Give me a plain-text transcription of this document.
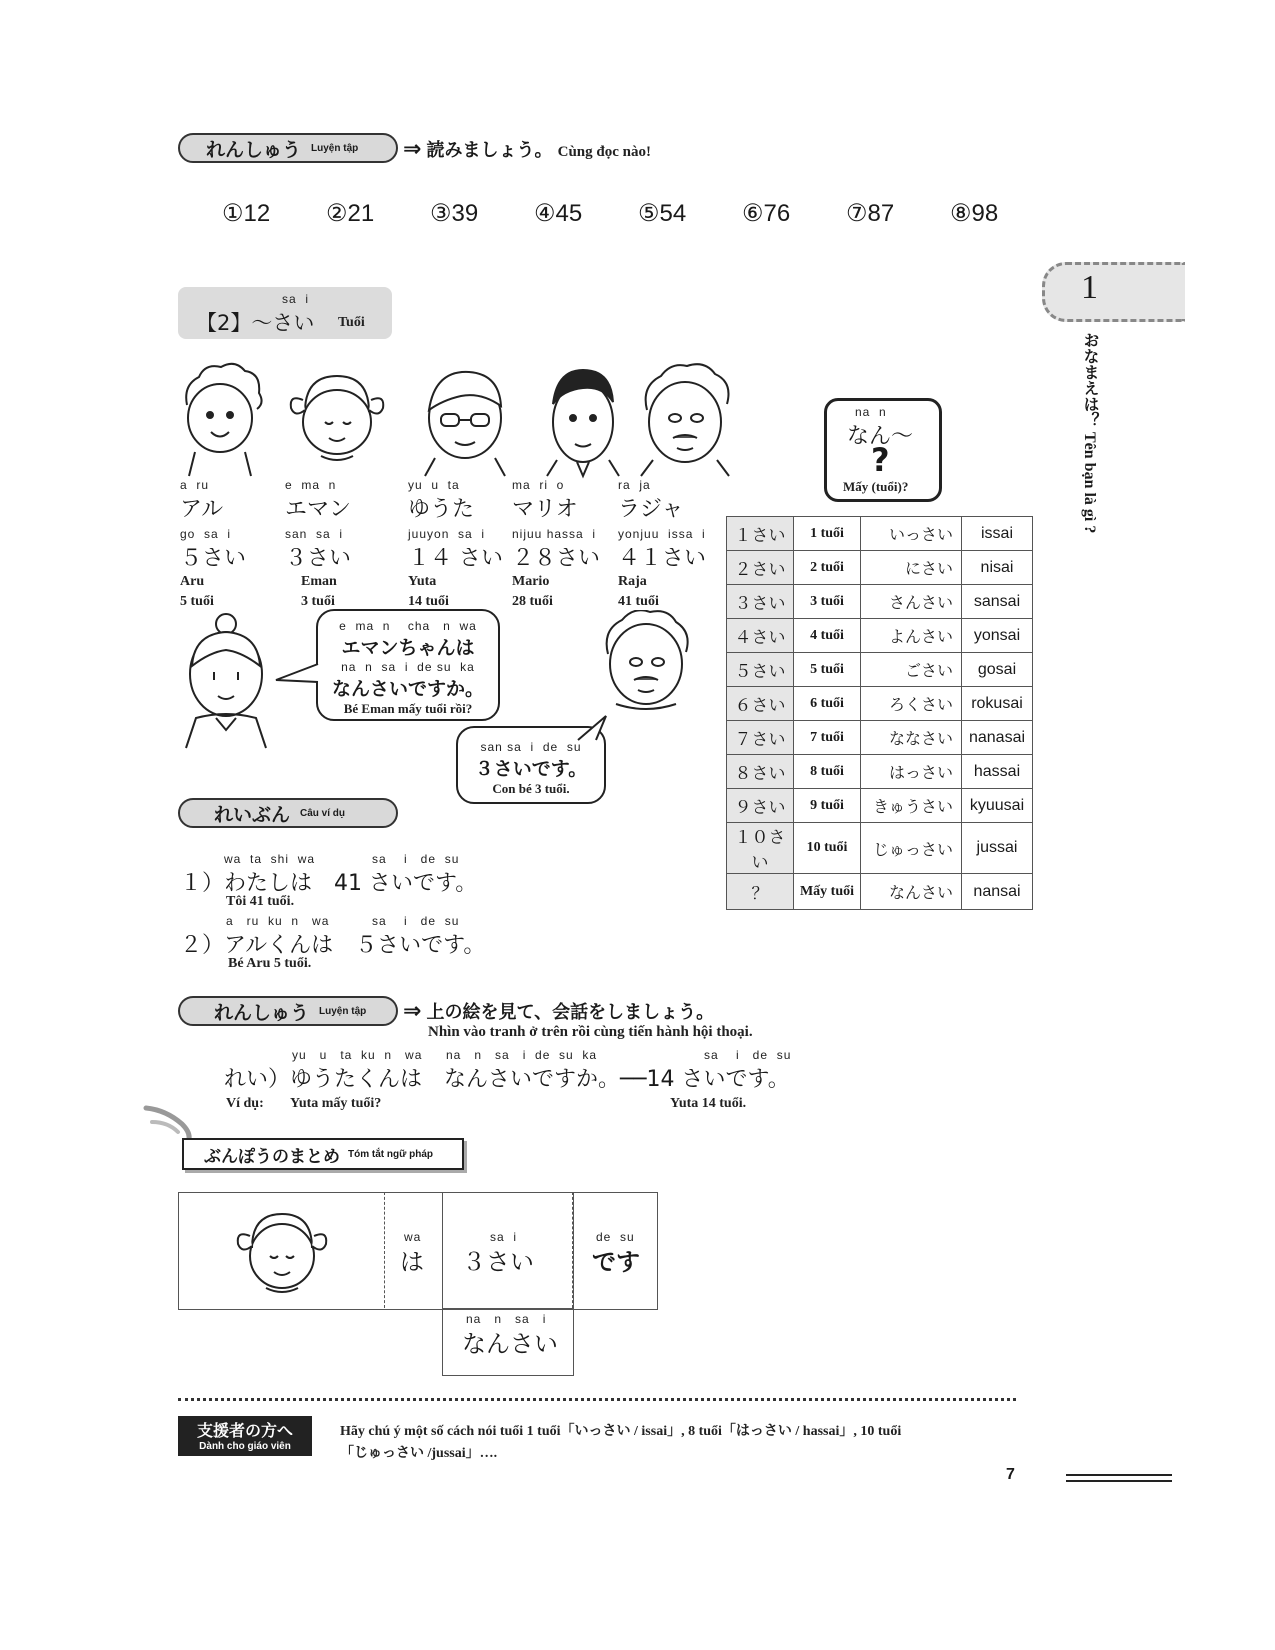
れんしゅう Luyện tập ⇒ 読みましょう。 Cùng đọc nào!
①12	②21	③39	④45	⑤54	⑥76	⑦87	⑧98
1
おなまえは？ Tên bạn là gì ?
sa  i
【2】～さい Tuổi
a  ru
アル
go  sa  i
５さい
Aru
5 tuổi
e  ma  n
エマン
san  sa  i
３さい
Eman
3 tuổi
yu  u  ta
ゆうた
juuyon  sa  i
１４ さい
Yuta
14 tuổi
ma  ri  o
マリオ
nijuu hassa  i
２８さい
Mario
28 tuổi
ra  ja
ラジャ
yonjuu  issa  i
４１さい
Raja
41 tuổi
na  n
なん～
?
Mấy (tuổi)?
１さい	1 tuổi	いっさい	issai
２さい	2 tuổi	にさい	nisai
３さい	3 tuổi	さんさい	sansai
４さい	4 tuổi	よんさい	yonsai
５さい	5 tuổi	ごさい	gosai
６さい	6 tuổi	ろくさい	rokusai
７さい	7 tuổi	ななさい	nanasai
８さい	8 tuổi	はっさい	hassai
９さい	9 tuổi	きゅうさい	kyuusai
１０さい	10 tuổi	じゅっさい	jussai
？	Mấy tuổi	なんさい	nansai
e  ma  n    cha   n  wa
エマンちゃんは
na  n  sa  i  de su  ka
なんさいですか。
Bé Eman mấy tuổi rồi?
san sa  i  de  su
３さいです。
Con bé 3 tuổi.
れいぶん Câu ví dụ
wa  ta  shi  wa	sa    i   de  su
１）わたしは　41 さいです。
Tôi 41 tuổi.
a   ru  ku  n   wa	sa    i   de  su
２）アルくんは　５さいです。
Bé Aru 5 tuổi.
れんしゅう Luyện tập ⇒ 上の絵を見て、会話をしましょう。
Nhìn vào tranh ở trên rồi cùng tiến hành hội thoại.
yu   u   ta  ku  n   wa na   n   sa   i  de  su  ka	sa    i   de  su
れい）ゆうたくんは　なんさいですか。──14 さいです。
Ví dụ: Yuta mấy tuổi?	Yuta 14 tuổi.
ぶんぽうのまとめ Tóm tắt ngữ pháp
wa
は
sa  i
３さい
de  su
です
na   n   sa   i
なんさい
支援者の方へ
Dành cho giáo viên
Hãy chú ý một số cách nói tuổi 1 tuổi「いっさい / issai」, 8 tuổi「はっさい / hassai」, 10 tuổi
「じゅっさい /jussai」….
7
